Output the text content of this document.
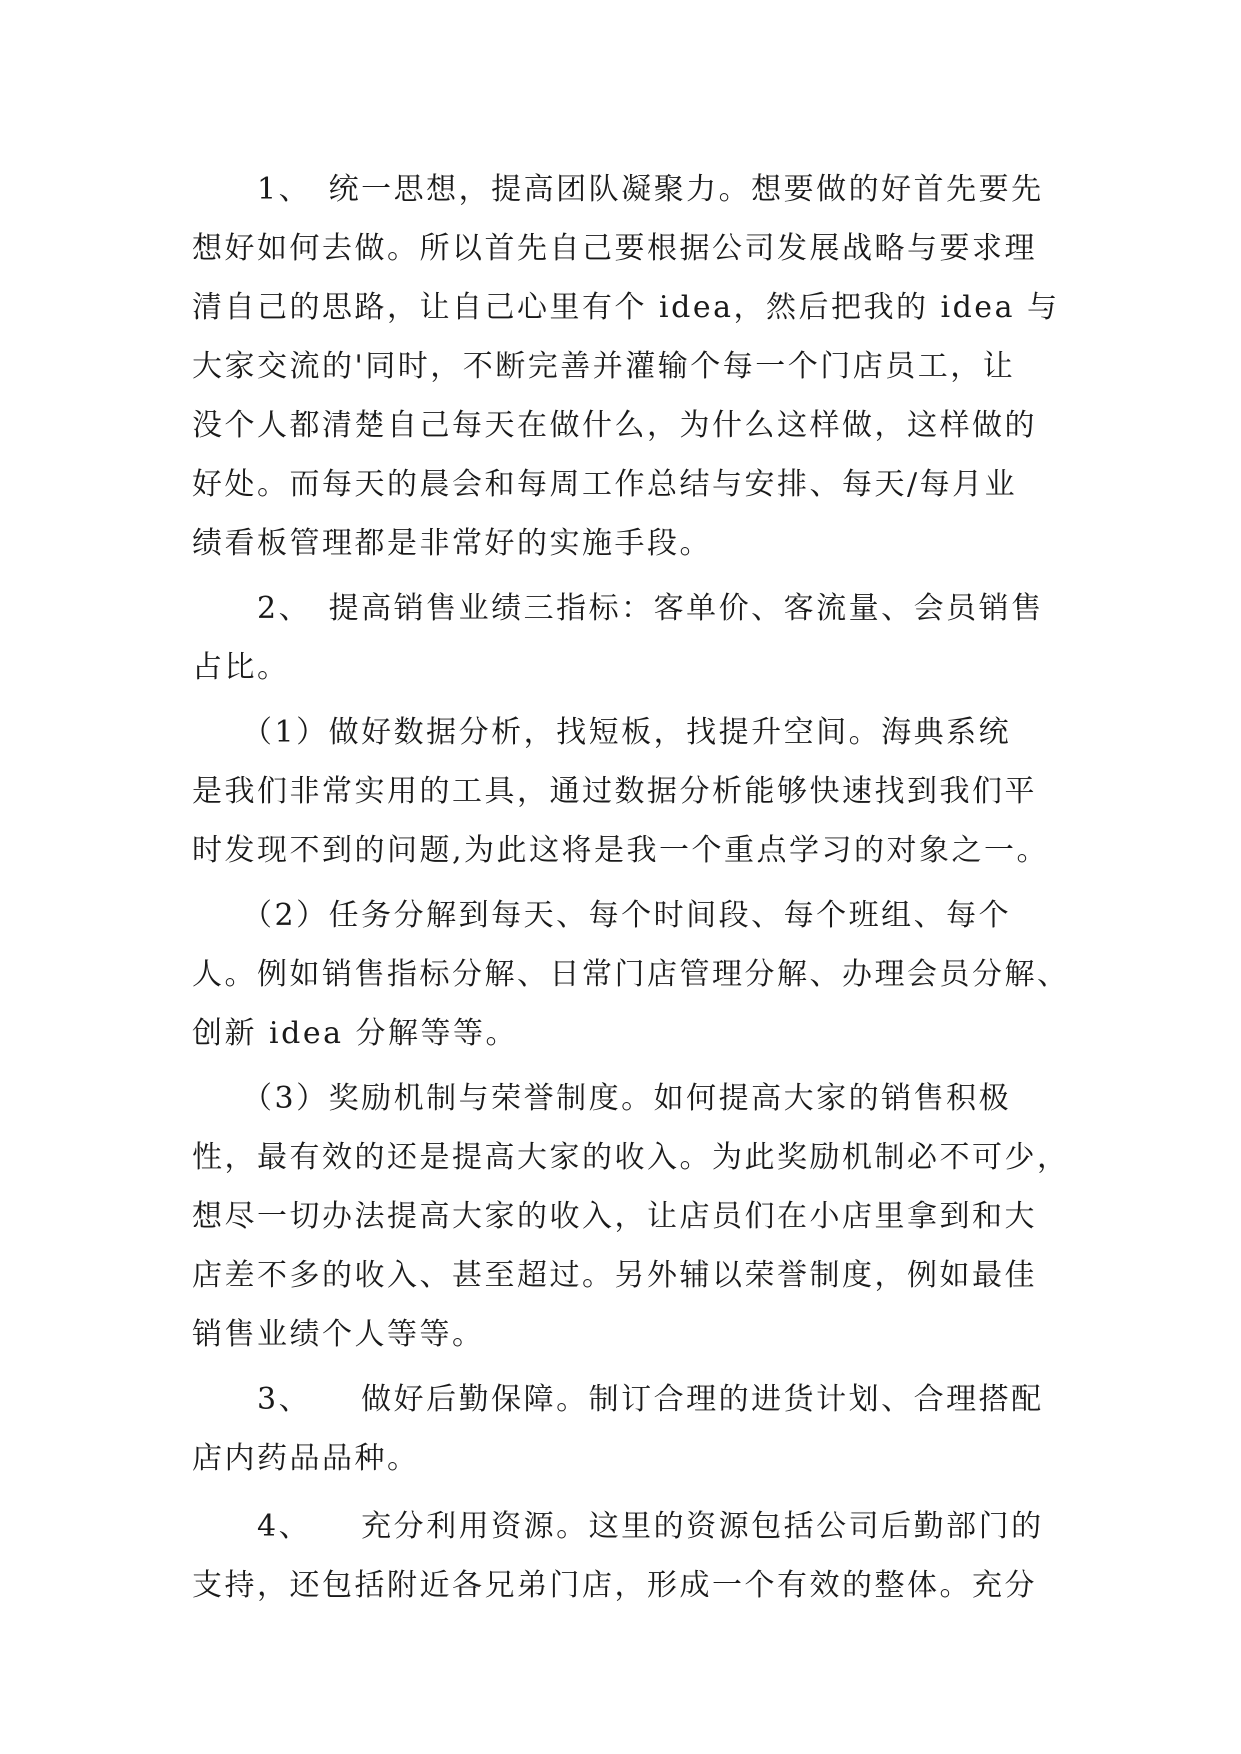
　　1、　统一思想，提高团队凝聚力。想要做的好首先要先
想好如何去做。所以首先自己要根据公司发展战略与要求理
清自己的思路，让自己心里有个 idea，然后把我的 idea 与
大家交流的'同时，不断完善并灌输个每一个门店员工，让
没个人都清楚自己每天在做什么，为什么这样做，这样做的
好处。而每天的晨会和每周工作总结与安排、每天/每月业
绩看板管理都是非常好的实施手段。
　　2、　提高销售业绩三指标：客单价、客流量、会员销售
占比。
　　（1）做好数据分析，找短板，找提升空间。海典系统
是我们非常实用的工具，通过数据分析能够快速找到我们平
时发现不到的问题,为此这将是我一个重点学习的对象之一。
　　（2）任务分解到每天、每个时间段、每个班组、每个
人。例如销售指标分解、日常门店管理分解、办理会员分解、
创新 idea 分解等等。
　　（3）奖励机制与荣誉制度。如何提高大家的销售积极
性，最有效的还是提高大家的收入。为此奖励机制必不可少，
想尽一切办法提高大家的收入，让店员们在小店里拿到和大
店差不多的收入、甚至超过。另外辅以荣誉制度，例如最佳
销售业绩个人等等。
　　3、　　做好后勤保障。制订合理的进货计划、合理搭配
店内药品品种。
　　4、　　充分利用资源。这里的资源包括公司后勤部门的
支持，还包括附近各兄弟门店，形成一个有效的整体。充分
